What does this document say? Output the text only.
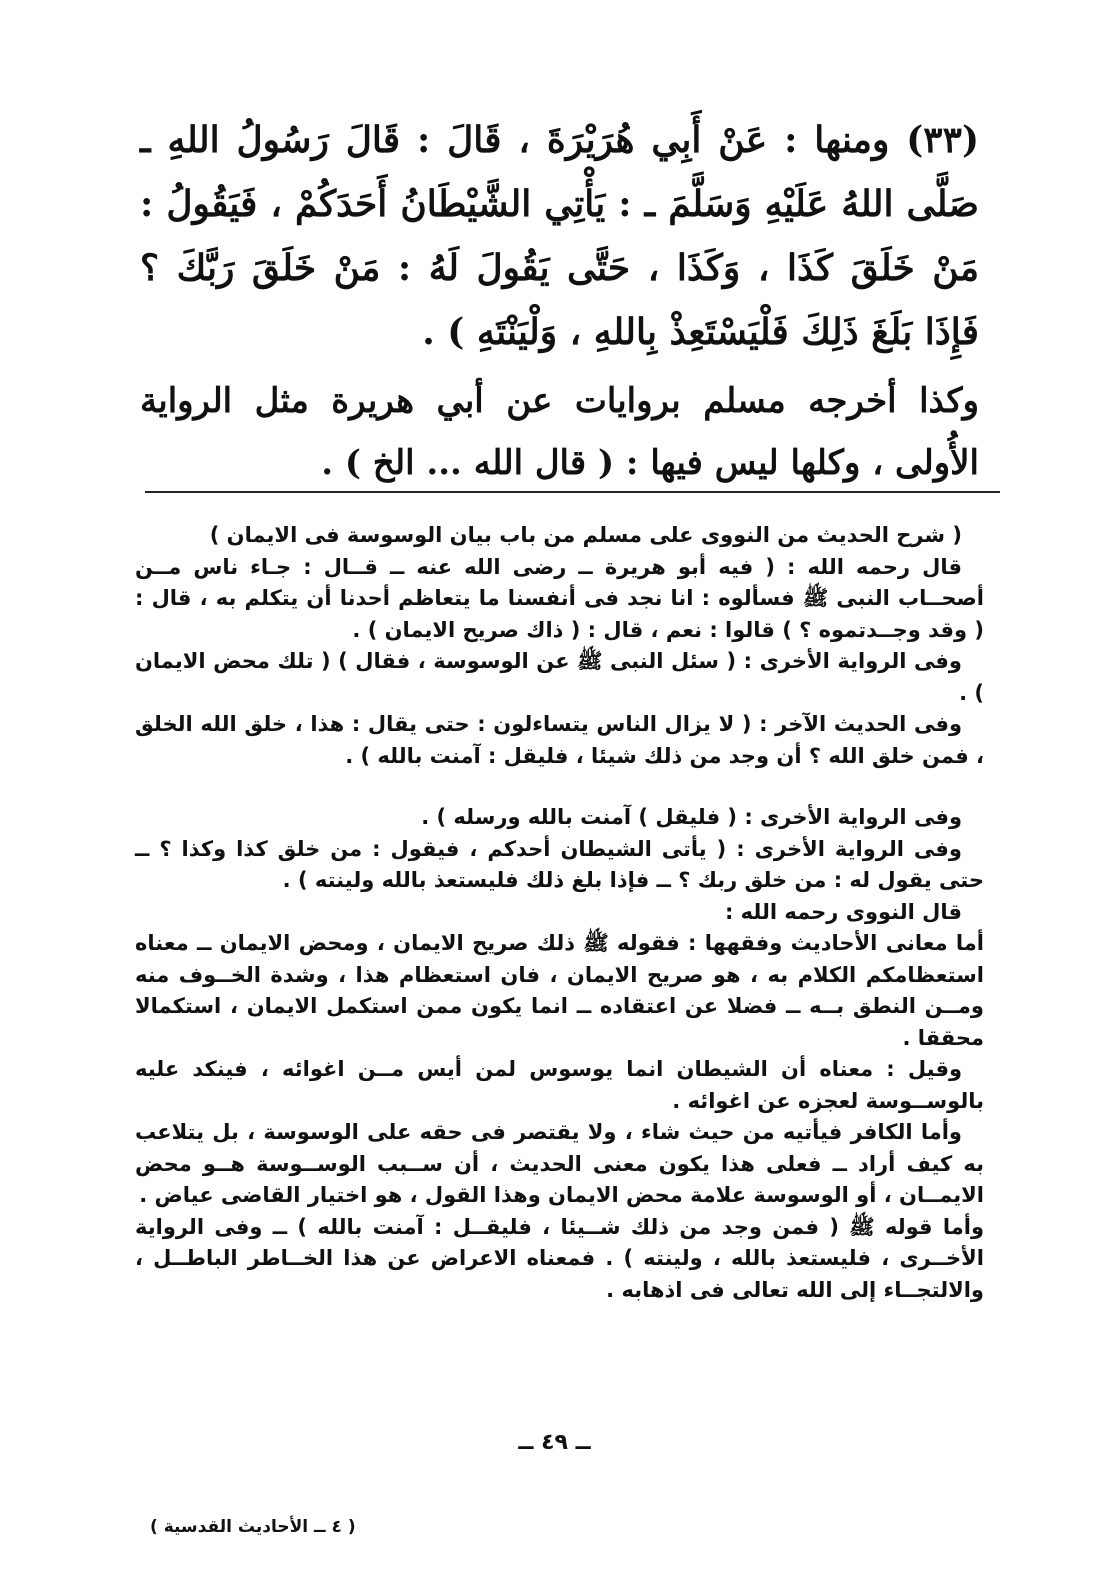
(٣٣) ومنها : عَنْ أَبِي هُرَيْرَةَ ، قَالَ : قَالَ رَسُولُ اللهِ ـ صَلَّى اللهُ عَلَيْهِ وَسَلَّمَ ـ : يَأْتِي الشَّيْطَانُ أَحَدَكُمْ ، فَيَقُولُ : مَنْ خَلَقَ كَذَا ، وَكَذَا ، حَتَّى يَقُولَ لَهُ : مَنْ خَلَقَ رَبَّكَ ؟ فَإِذَا بَلَغَ ذَلِكَ فَلْيَسْتَعِذْ بِاللهِ ، وَلْيَنْتَهِ ) .

وكذا أخرجه مسلم بروايات عن أبي هريرة مثل الرواية الأُولى ، وكلها ليس فيها : ( قال الله ... الخ ) .

( شرح الحديث من النووى على مسلم من باب بيان الوسوسة فى الايمان )

قال رحمه الله : ( فيه أبو هريرة ــ رضى الله عنه ــ قــال : جـاء ناس مــن أصحــاب النبى ﷺ فسألوه : انا نجد فى أنفسنا ما يتعاظم أحدنا أن يتكلم به ، قال : ( وقد وجــدتموه ؟ ) قالوا : نعم ، قال : ( ذاك صريح الايمان ) .

وفى الرواية الأخرى : ( سئل النبى ﷺ عن الوسوسة ، فقال ) ( تلك محض الايمان ) .

وفى الحديث الآخر : ( لا يزال الناس يتساءلون : حتى يقال : هذا ، خلق الله الخلق ، فمن خلق الله ؟ أن وجد من ذلك شيئا ، فليقل : آمنت بالله ) .

وفى الرواية الأخرى : ( فليقل ) آمنت بالله ورسله ) .

وفى الرواية الأخرى : ( يأتى الشيطان أحدكم ، فيقول : من خلق كذا وكذا ؟ ــ حتى يقول له : من خلق ربك ؟ ــ فإذا بلغ ذلك فليستعذ بالله ولينته ) .

قال النووى رحمه الله :

أما معانى الأحاديث وفقهها : فقوله ﷺ ذلك صريح الايمان ، ومحض الايمان ــ معناه استعظامكم الكلام به ، هو صريح الايمان ، فان استعظام هذا ، وشدة الخــوف منه ومــن النطق بــه ــ فضلا عن اعتقاده ــ انما يكون ممن استكمل الايمان ، استكمالا محققا .

وقيل : معناه أن الشيطان انما يوسوس لمن أيس مــن اغوائه ، فينكد عليه بالوســوسة لعجزه عن اغوائه .

وأما الكافر فيأتيه من حيث شاء ، ولا يقتصر فى حقه على الوسوسة ، بل يتلاعب به كيف أراد ــ فعلى هذا يكون معنى الحديث ، أن ســبب الوســوسة هــو محض الايمــان ، أو الوسوسة علامة محض الايمان وهذا القول ، هو اختيار القاضى عياض .

وأما قوله ﷺ ( فمن وجد من ذلك شــيئا ، فليقــل : آمنت بالله ) ــ وفى الرواية الأخــرى ، فليستعذ بالله ، ولينته ) . فمعناه الاعراض عن هذا الخــاطر الباطــل ، والالتجــاء إلى الله تعالى فى اذهابه .

ــ ٤٩ ــ
( ٤ ــ الأحاديث القدسية )
